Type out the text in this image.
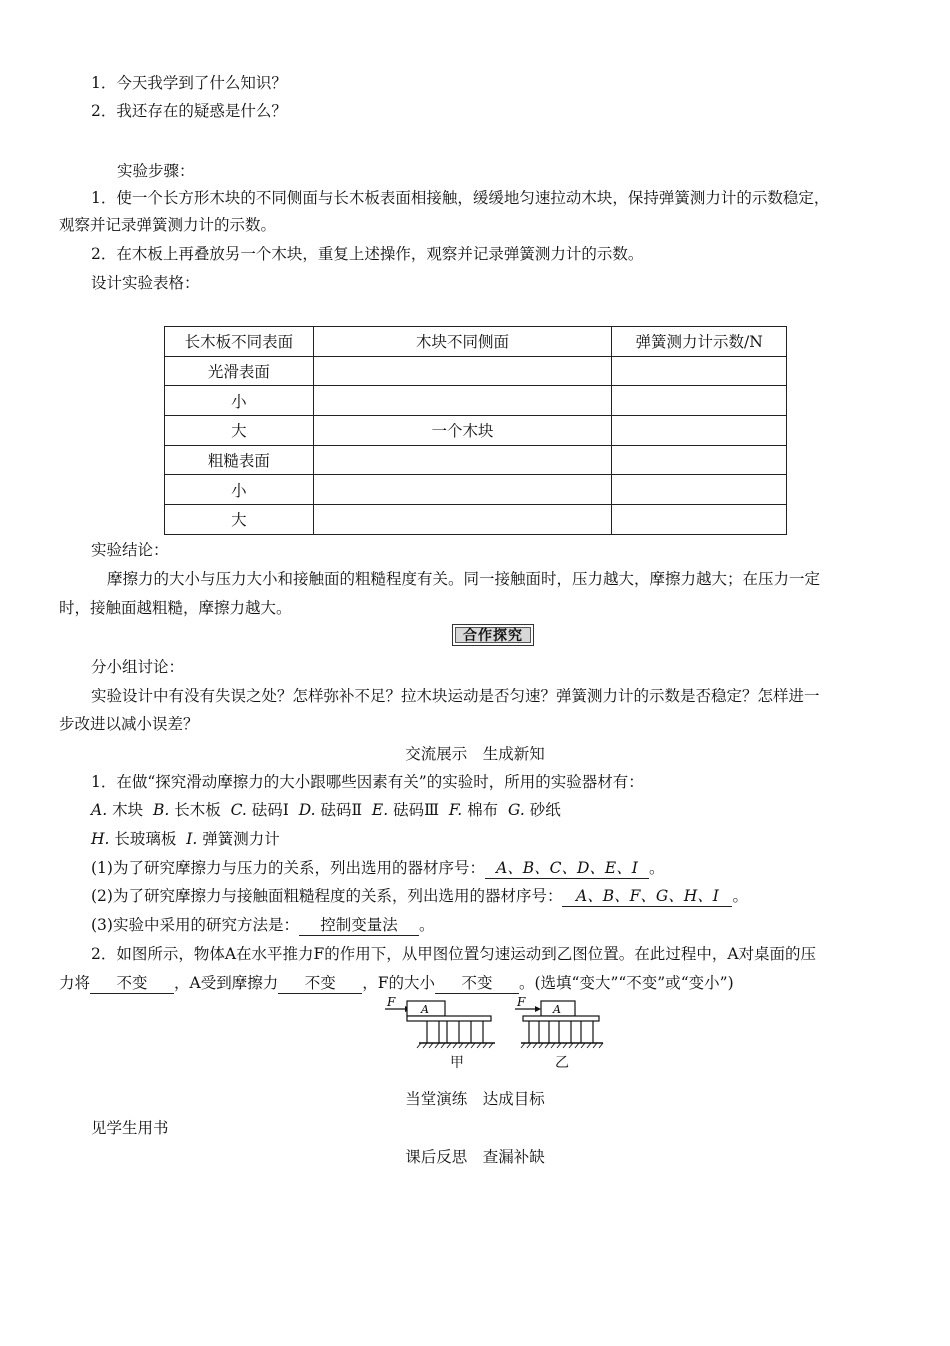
1．今天我学到了什么知识？
2．我还存在的疑惑是什么？
实验步骤：
1．使一个长方形木块的不同侧面与长木板表面相接触，缓缓地匀速拉动木块，保持弹簧测力计的示数稳定，
观察并记录弹簧测力计的示数。
2．在木板上再叠放另一个木块，重复上述操作，观察并记录弹簧测力计的示数。
设计实验表格：
长木板不同表面	木块不同侧面	弹簧测力计示数/N
光滑表面		
小		
大	一个木块	
粗糙表面		
小		
大		
实验结论：
摩擦力的大小与压力大小和接触面的粗糙程度有关。同一接触面时，压力越大，摩擦力越大；在压力一定
时，接触面越粗糙，摩擦力越大。
合作探究
分小组讨论：
实验设计中有没有失误之处？怎样弥补不足？拉木块运动是否匀速？弹簧测力计的示数是否稳定？怎样进一
步改进以减小误差？
交流展示　生成新知
1．在做“探究滑动摩擦力的大小跟哪些因素有关”的实验时，所用的实验器材有：
A. 木块 B. 长木板 C. 砝码Ⅰ D. 砝码Ⅱ E. 砝码Ⅲ F. 棉布 G. 砂纸
H. 长玻璃板 I. 弹簧测力计
(1)为了研究摩擦力与压力的关系，列出选用的器材序号： A、B、C、D、E、I 。
(2)为了研究摩擦力与接触面粗糙程度的关系，列出选用的器材序号： A、B、F、G、H、I 。
(3)实验中采用的研究方法是： 控制变量法 。
2．如图所示，物体A在水平推力F的作用下，从甲图位置匀速运动到乙图位置。在此过程中，A对桌面的压
力将 不变 ，A受到摩擦力 不变 ，F的大小 不变 。(选填“变大”“不变”或“变小”)
F
A
甲
F
A
乙
当堂演练　达成目标
见学生用书
课后反思　查漏补缺
